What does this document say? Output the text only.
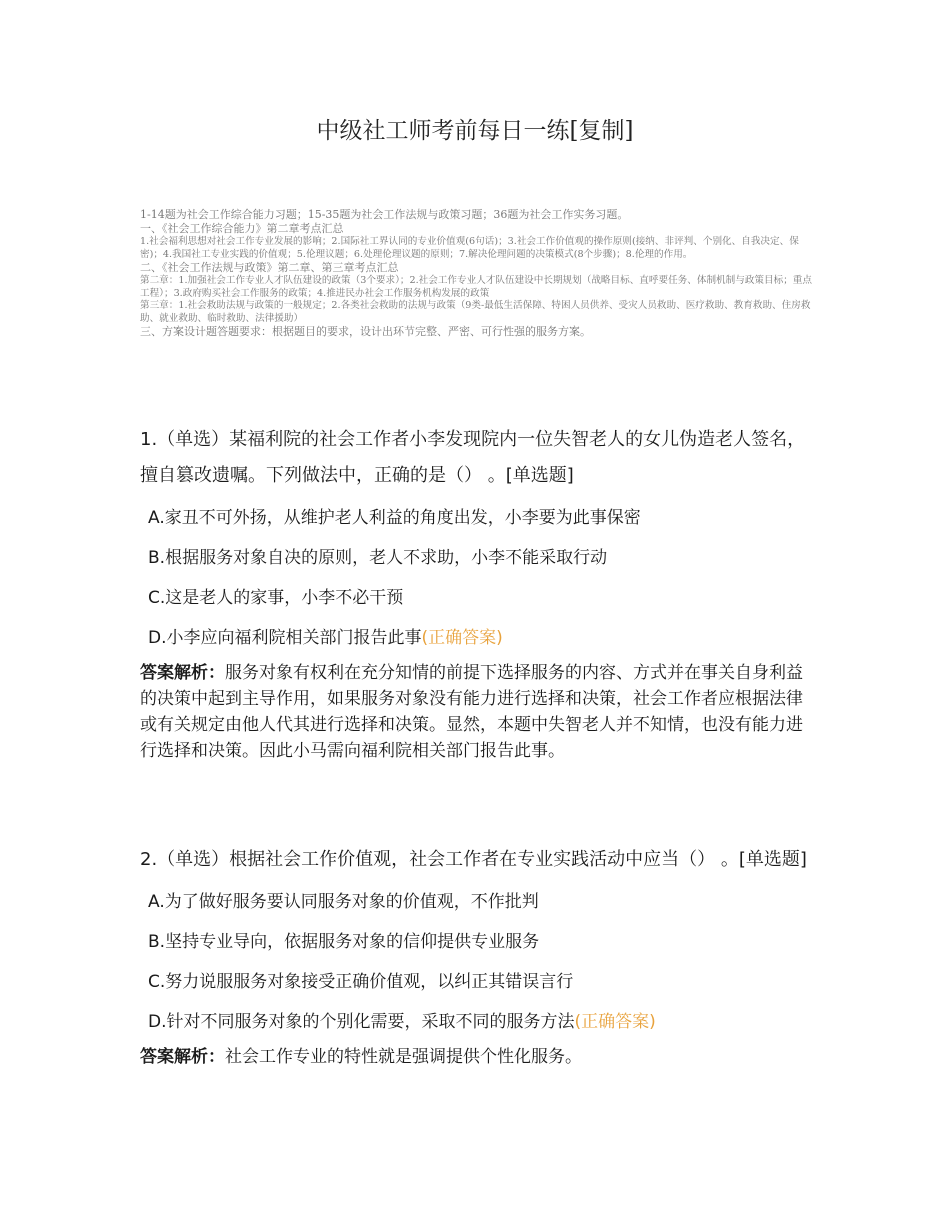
中级社工师考前每日一练[复制]
1-14题为社会工作综合能力习题；15-35题为社会工作法规与政策习题；36题为社会工作实务习题。
一、《社会工作综合能力》第二章考点汇总
1.社会福利思想对社会工作专业发展的影响；2.国际社工界认同的专业价值观(6句话)；3.社会工作价值观的操作原则(接纳、非评判、个别化、自我决定、保密)；4.我国社工专业实践的价值观；5.伦理议题；6.处理伦理议题的原则；7.解决伦理问题的决策模式(8个步骤)；8.伦理的作用。
二、《社会工作法规与政策》第二章、第三章考点汇总
第二章：1.加强社会工作专业人才队伍建设的政策（3个要求）；2.社会工作专业人才队伍建设中长期规划（战略目标、直呼要任务、体制机制与政策目标；重点工程）；3.政府购买社会工作服务的政策；4.推进民办社会工作服务机构发展的政策
第三章：1.社会救助法规与政策的一般规定；2.各类社会救助的法规与政策（9类-最低生活保障、特困人员供养、受灾人员救助、医疗救助、教育救助、住房救助、就业救助、临时救助、法律援助）
三、方案设计题答题要求：根据题目的要求，设计出环节完整、严密、可行性强的服务方案。
1.（单选）某福利院的社会工作者小李发现院内一位失智老人的女儿伪造老人签名，擅自篡改遗嘱。下列做法中，正确的是（） 。[单选题]
A.家丑不可外扬，从维护老人利益的角度出发，小李要为此事保密
B.根据服务对象自决的原则，老人不求助，小李不能采取行动
C.这是老人的家事，小李不必干预
D.小李应向福利院相关部门报告此事(正确答案)
答案解析：服务对象有权利在充分知情的前提下选择服务的内容、方式并在事关自身利益的决策中起到主导作用，如果服务对象没有能力进行选择和决策，社会工作者应根据法律或有关规定由他人代其进行选择和决策。显然，本题中失智老人并不知情，也没有能力进行选择和决策。因此小马需向福利院相关部门报告此事。
2.（单选）根据社会工作价值观，社会工作者在专业实践活动中应当（） 。[单选题]
A.为了做好服务要认同服务对象的价值观，不作批判
B.坚持专业导向，依据服务对象的信仰提供专业服务
C.努力说服服务对象接受正确价值观，以纠正其错误言行
D.针对不同服务对象的个别化需要，采取不同的服务方法(正确答案)
答案解析：社会工作专业的特性就是强调提供个性化服务。
